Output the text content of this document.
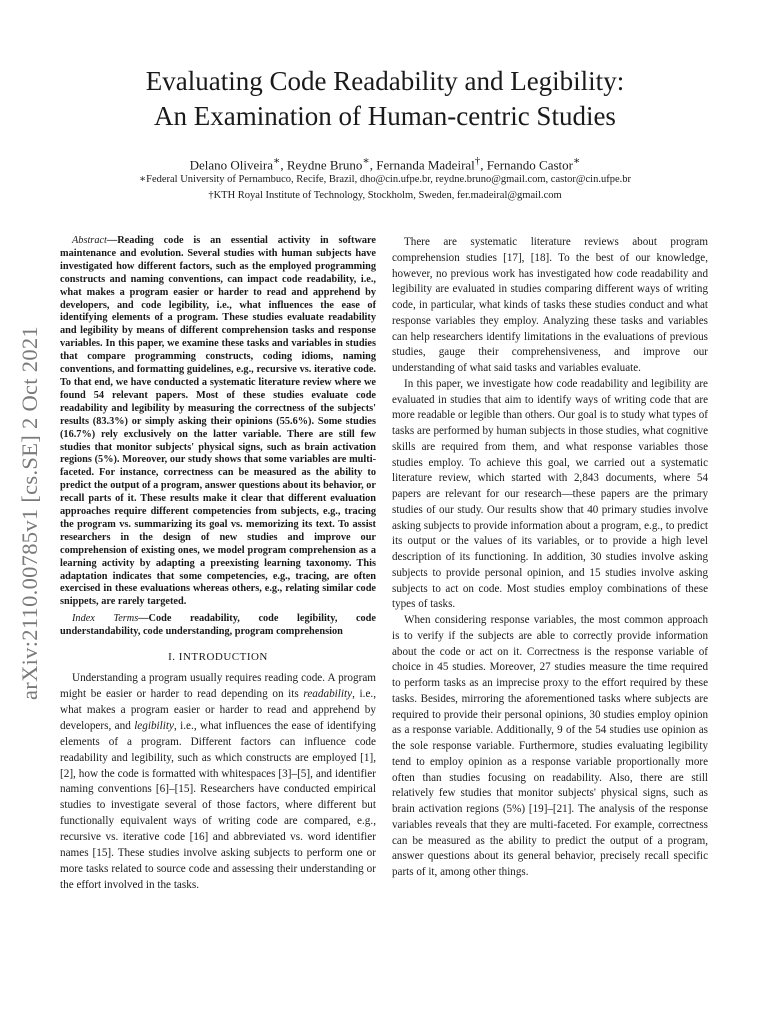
arXiv:2110.00785v1 [cs.SE] 2 Oct 2021
Evaluating Code Readability and Legibility:
An Examination of Human-centric Studies
Delano Oliveira∗, Reydne Bruno∗, Fernanda Madeiral†, Fernando Castor∗
∗Federal University of Pernambuco, Recife, Brazil, dho@cin.ufpe.br, reydne.bruno@gmail.com, castor@cin.ufpe.br
†KTH Royal Institute of Technology, Stockholm, Sweden, fer.madeiral@gmail.com

Abstract—Reading code is an essential activity in software maintenance and evolution. Several studies with human subjects have investigated how different factors, such as the employed programming constructs and naming conventions, can impact code readability, i.e., what makes a program easier or harder to read and apprehend by developers, and code legibility, i.e., what influences the ease of identifying elements of a program. These studies evaluate readability and legibility by means of different comprehension tasks and response variables. In this paper, we examine these tasks and variables in studies that compare programming constructs, coding idioms, naming conventions, and formatting guidelines, e.g., recursive vs. iterative code. To that end, we have conducted a systematic literature review where we found 54 relevant papers. Most of these studies evaluate code readability and legibility by measuring the correctness of the subjects' results (83.3%) or simply asking their opinions (55.6%). Some studies (16.7%) rely exclusively on the latter variable. There are still few studies that monitor subjects' physical signs, such as brain activation regions (5%). Moreover, our study shows that some variables are multi-faceted. For instance, correctness can be measured as the ability to predict the output of a program, answer questions about its behavior, or recall parts of it. These results make it clear that different evaluation approaches require different competencies from subjects, e.g., tracing the program vs. summarizing its goal vs. memorizing its text. To assist researchers in the design of new studies and improve our comprehension of existing ones, we model program comprehension as a learning activity by adapting a preexisting learning taxonomy. This adaptation indicates that some competencies, e.g., tracing, are often exercised in these evaluations whereas others, e.g., relating similar code snippets, are rarely targeted.

Index Terms—Code readability, code legibility, code understandability, code understanding, program comprehension

I. INTRODUCTION

Understanding a program usually requires reading code. A program might be easier or harder to read depending on its readability, i.e., what makes a program easier or harder to read and apprehend by developers, and legibility, i.e., what influences the ease of identifying elements of a program. Different factors can influence code readability and legibility, such as which constructs are employed [1], [2], how the code is formatted with whitespaces [3]–[5], and identifier naming conventions [6]–[15]. Researchers have conducted empirical studies to investigate several of those factors, where different but functionally equivalent ways of writing code are compared, e.g., recursive vs. iterative code [16] and abbreviated vs. word identifier names [15]. These studies involve asking subjects to perform one or more tasks related to source code and assessing their understanding or the effort involved in the tasks.

There are systematic literature reviews about program comprehension studies [17], [18]. To the best of our knowledge, however, no previous work has investigated how code readability and legibility are evaluated in studies comparing different ways of writing code, in particular, what kinds of tasks these studies conduct and what response variables they employ. Analyzing these tasks and variables can help researchers identify limitations in the evaluations of previous studies, gauge their comprehensiveness, and improve our understanding of what said tasks and variables evaluate.

In this paper, we investigate how code readability and legibility are evaluated in studies that aim to identify ways of writing code that are more readable or legible than others. Our goal is to study what types of tasks are performed by human subjects in those studies, what cognitive skills are required from them, and what response variables those studies employ. To achieve this goal, we carried out a systematic literature review, which started with 2,843 documents, where 54 papers are relevant for our research—these papers are the primary studies of our study. Our results show that 40 primary studies involve asking subjects to provide information about a program, e.g., to predict its output or the values of its variables, or to provide a high level description of its functioning. In addition, 30 studies involve asking subjects to provide personal opinion, and 15 studies involve asking subjects to act on code. Most studies employ combinations of these types of tasks.

When considering response variables, the most common approach is to verify if the subjects are able to correctly provide information about the code or act on it. Correctness is the response variable of choice in 45 studies. Moreover, 27 studies measure the time required to perform tasks as an imprecise proxy to the effort required by these tasks. Besides, mirroring the aforementioned tasks where subjects are required to provide their personal opinions, 30 studies employ opinion as a response variable. Additionally, 9 of the 54 studies use opinion as the sole response variable. Furthermore, studies evaluating legibility tend to employ opinion as a response variable proportionally more often than studies focusing on readability. Also, there are still relatively few studies that monitor subjects' physical signs, such as brain activation regions (5%) [19]–[21]. The analysis of the response variables reveals that they are multi-faceted. For example, correctness can be measured as the ability to predict the output of a program, answer questions about its general behavior, precisely recall specific parts of it, among other things.
